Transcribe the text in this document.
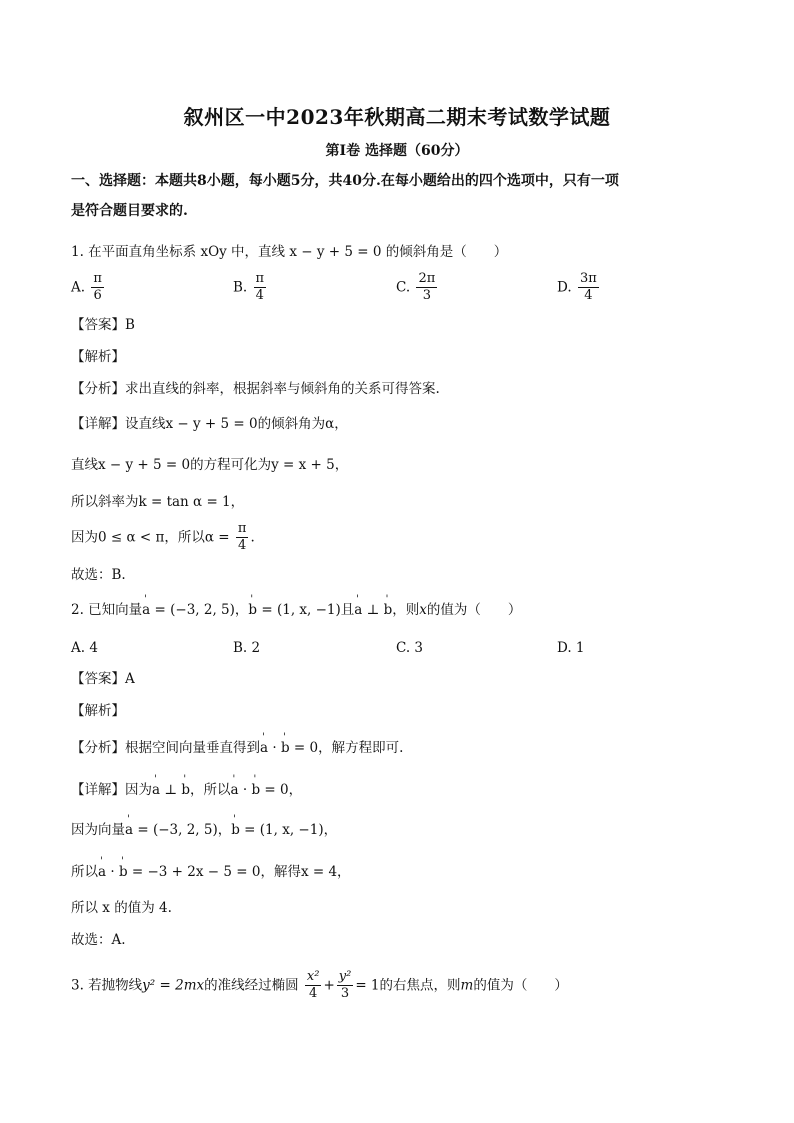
叙州区一中2023年秋期高二期末考试数学试题
第I卷 选择题（60分）
一、选择题：本题共8小题，每小题5分，共40分.在每小题给出的四个选项中，只有一项
是符合题目要求的.
1. 在平面直角坐标系 xOy 中，直线 x − y + 5 = 0 的倾斜角是（　　）
A. $\frac{\pi}{6}$	B. $\frac{\pi}{4}$	C. $\frac{2\pi}{3}$	D. $\frac{3\pi}{4}$
【答案】B
【解析】
【分析】求出直线的斜率，根据斜率与倾斜角的关系可得答案.
【详解】设直线x − y + 5 = 0的倾斜角为α，
直线x − y + 5 = 0的方程可化为y = x + 5，
所以斜率为k = tan α = 1，
因为0 ≤ α < π，所以$\alpha = \frac{\pi}{4}$ .
故选：B.
2. 已知向量' a = (−3, 2, 5)，' b = (1, x, −1)且' a ⊥ ' b，则x的值为（　　）
A. 4	B. 2	C. 3	D. 1
【答案】A
【解析】
【分析】根据空间向量垂直得到' a · ' b = 0，解方程即可.
【详解】因为' a ⊥ ' b，所以' a · ' b = 0，
因为向量' a = (−3, 2, 5)，' b = (1, x, −1)，
所以' a · ' b = −3 + 2x − 5 = 0，解得x = 4，
所以 x 的值为 4.
故选：A.
3. 若抛物线y² = 2mx的准线经过椭圆 $\frac{\text{x²}}{4} + \frac{\text{y²}}{3} = 1$的右焦点，则m的值为（　　）
